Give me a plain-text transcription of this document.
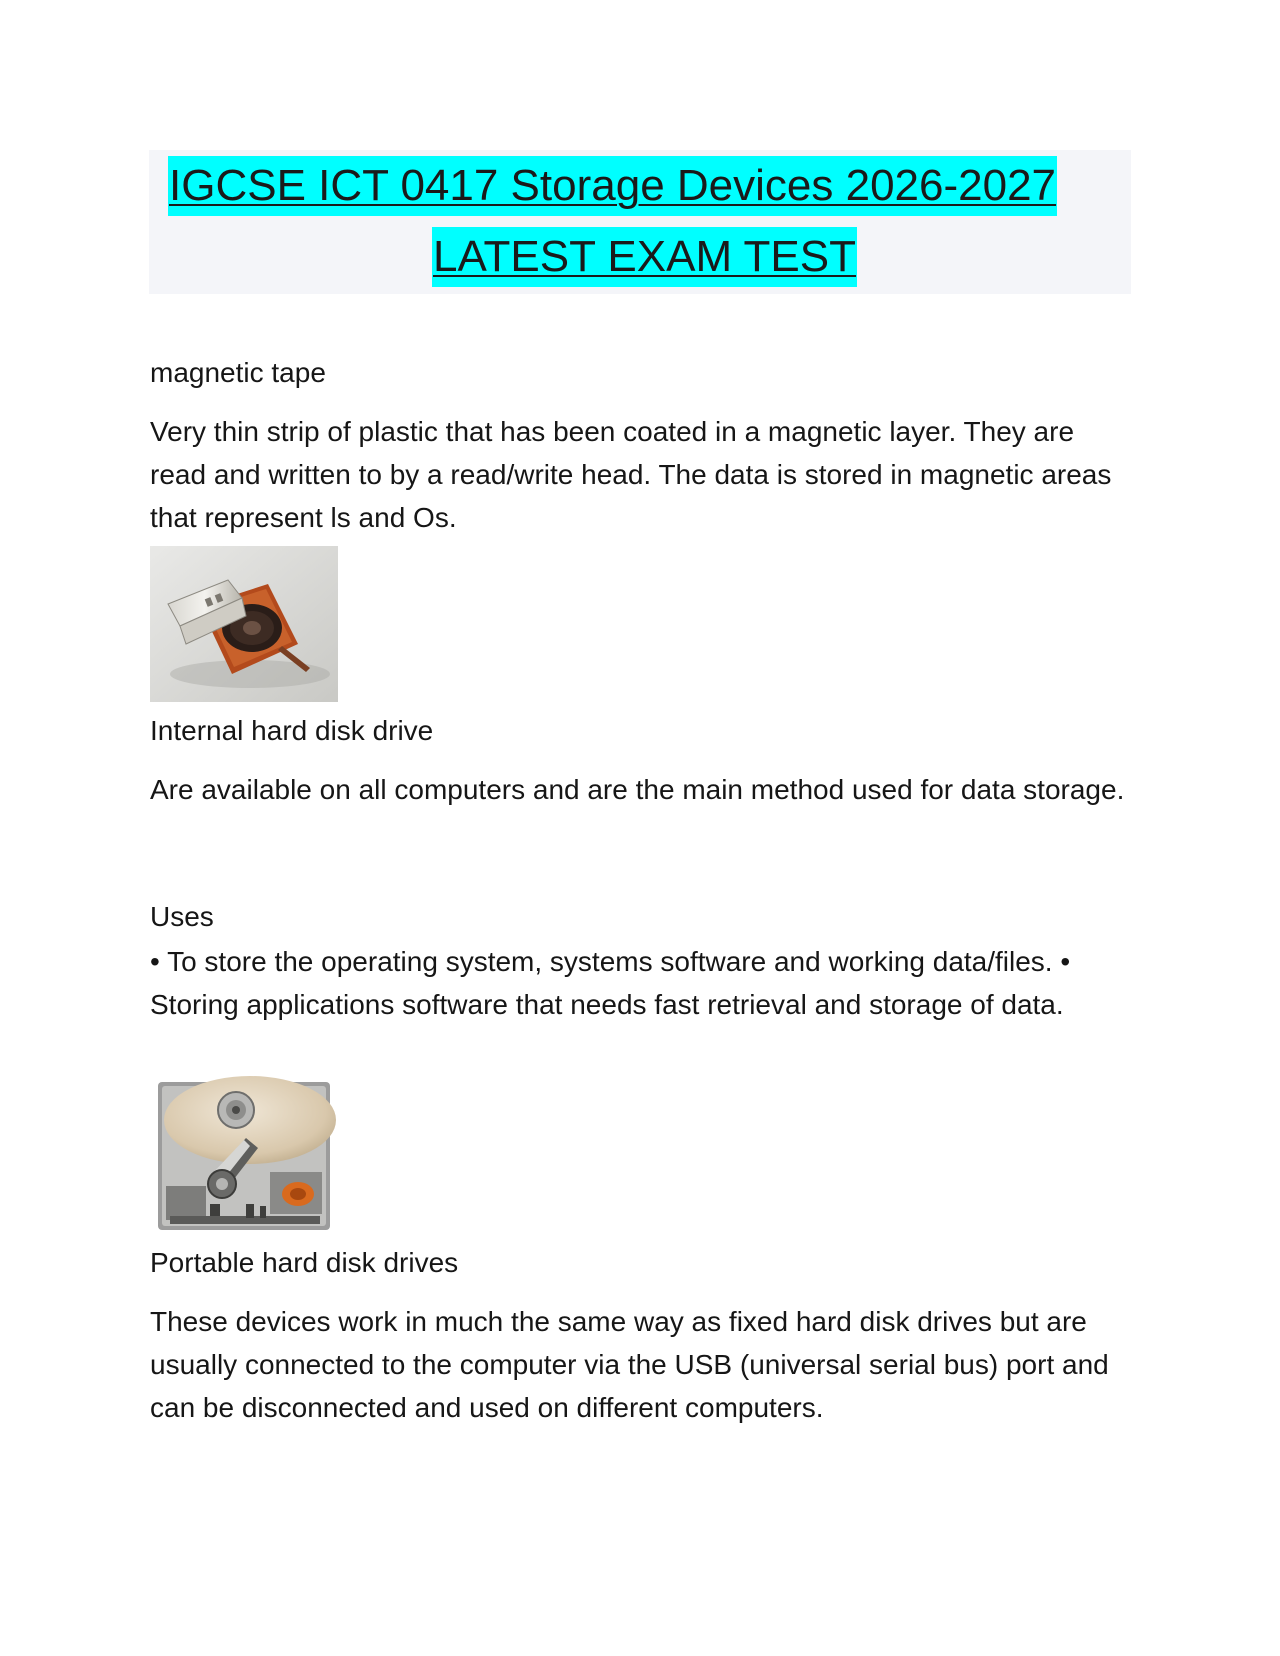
IGCSE ICT 0417 Storage Devices 2026-2027
LATEST EXAM TEST
magnetic tape

Very thin strip of plastic that has been coated in a magnetic layer. They are read and written to by a read/write head. The data is stored in magnetic areas that represent ls and Os.

Internal hard disk drive

Are available on all computers and are the main method used for data storage.

Uses

• To store the operating system, systems software and working data/files. • Storing applications software that needs fast retrieval and storage of data.

Portable hard disk drives

These devices work in much the same way as fixed hard disk drives but are usually connected to the computer via the USB (universal serial bus) port and can be disconnected and used on different computers.
